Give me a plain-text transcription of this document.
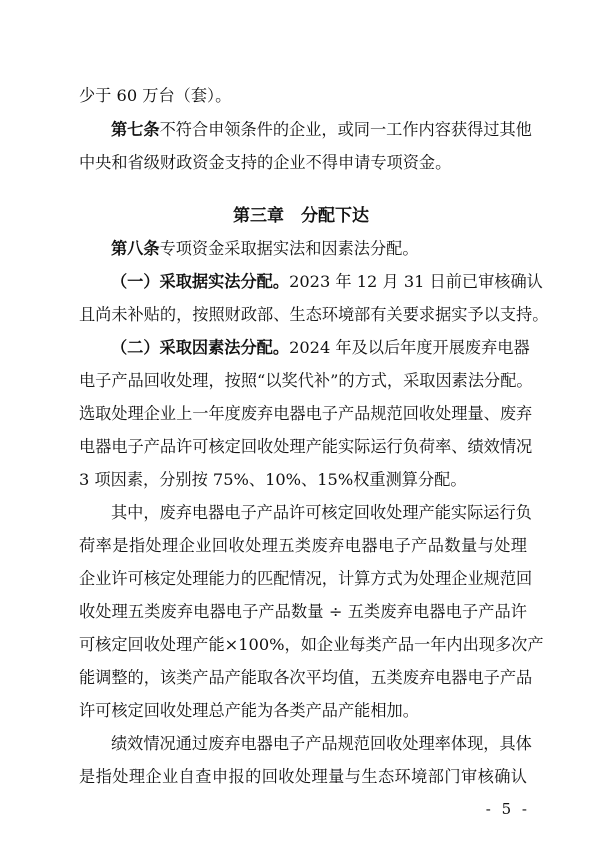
少于 60 万台（套）。
第七条不符合申领条件的企业，或同一工作内容获得过其他
中央和省级财政资金支持的企业不得申请专项资金。
第三章　分配下达
第八条专项资金采取据实法和因素法分配。
（一）采取据实法分配。2023 年 12 月 31 日前已审核确认
且尚未补贴的，按照财政部、生态环境部有关要求据实予以支持。
（二）采取因素法分配。2024 年及以后年度开展废弃电器
电子产品回收处理，按照“以奖代补”的方式，采取因素法分配。
选取处理企业上一年度废弃电器电子产品规范回收处理量、废弃
电器电子产品许可核定回收处理产能实际运行负荷率、绩效情况
3 项因素，分别按 75%、10%、15%权重测算分配。
其中，废弃电器电子产品许可核定回收处理产能实际运行负
荷率是指处理企业回收处理五类废弃电器电子产品数量与处理
企业许可核定处理能力的匹配情况，计算方式为处理企业规范回
收处理五类废弃电器电子产品数量 ÷ 五类废弃电器电子产品许
可核定回收处理产能×100%，如企业每类产品一年内出现多次产
能调整的，该类产品产能取各次平均值，五类废弃电器电子产品
许可核定回收处理总产能为各类产品产能相加。
绩效情况通过废弃电器电子产品规范回收处理率体现，具体
是指处理企业自查申报的回收处理量与生态环境部门审核确认
- 5 -
